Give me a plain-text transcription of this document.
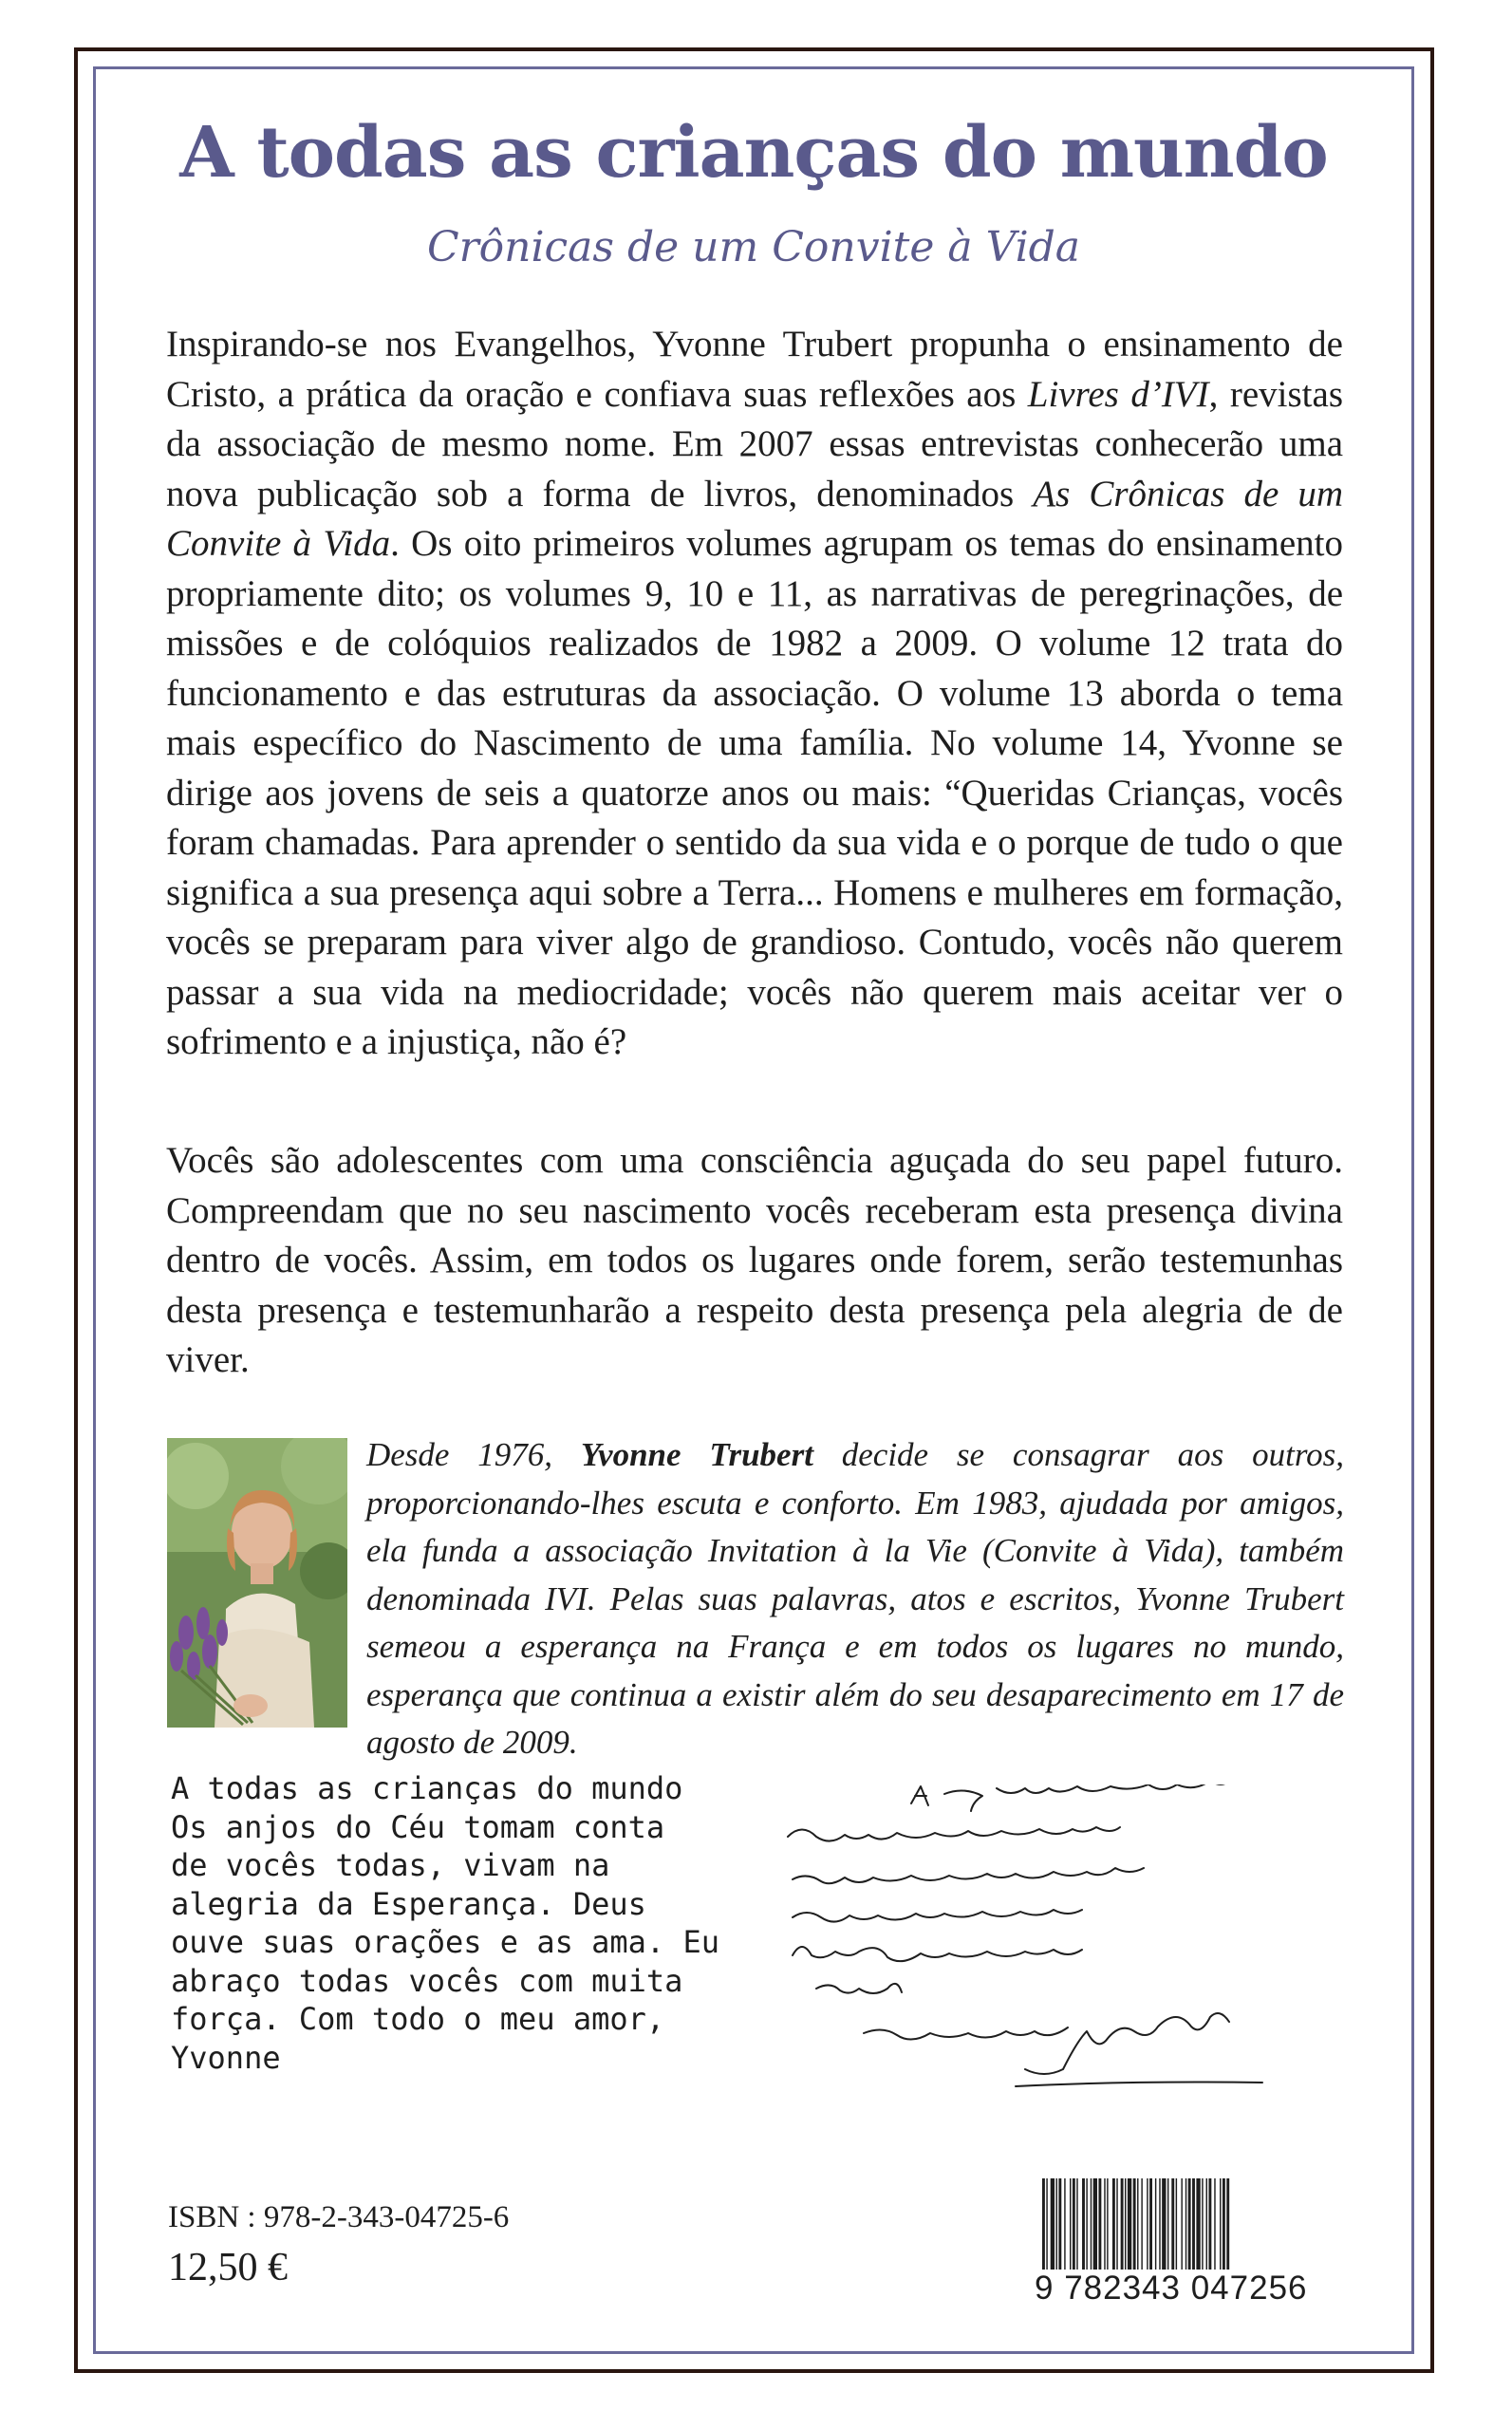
A todas as crianças do mundo
Crônicas de um Convite à Vida

Inspirando-se nos Evangelhos, Yvonne Trubert propunha o ensinamento de Cristo, a prática da oração e confiava suas reflexões aos Livres d’IVI, revistas da associação de mesmo nome. Em 2007 essas entrevistas conhecerão uma nova publicação sob a forma de livros, denominados As Crônicas de um Convite à Vida. Os oito primeiros volumes agrupam os temas do ensinamento propriamente dito; os volumes 9, 10 e 11, as narrativas de peregrinações, de missões e de colóquios realizados de 1982 a 2009. O volume 12 trata do funcionamento e das estruturas da associação. O volume 13 aborda o tema mais específico do Nascimento de uma família. No volume 14, Yvonne se dirige aos jovens de seis a quatorze anos ou mais: “Queridas Crianças, vocês foram chamadas. Para aprender o sentido da sua vida e o porque de tudo o que significa a sua presença aqui sobre a Terra... Homens e mulheres em formação, vocês se preparam para viver algo de grandioso. Contudo, vocês não querem passar a sua vida na mediocridade; vocês não querem mais aceitar ver o sofrimento e a injustiça, não é?

Vocês são adolescentes com uma consciência aguçada do seu papel futuro. Compreendam que no seu nascimento vocês receberam esta presença divina dentro de vocês. Assim, em todos os lugares onde forem, serão testemunhas desta presença e testemunharão a respeito desta presença pela alegria de de viver.

Desde 1976, Yvonne Trubert decide se consagrar aos outros, proporcionando-lhes escuta e conforto. Em 1983, ajudada por amigos, ela funda a associação Invitation à la Vie (Convite à Vida), também denominada IVI. Pelas suas palavras, atos e escritos, Yvonne Trubert semeou a esperança na França e em todos os lugares no mundo, esperança que continua a existir além do seu desaparecimento em 17 de agosto de 2009.

A todas as crianças do mundo
Os anjos do Céu tomam conta
de vocês todas, vivam na
alegria da Esperança. Deus
ouve suas orações e as ama. Eu
abraço todas vocês com muita
força. Com todo o meu amor,
Yvonne
ISBN : 978-2-343-04725-6
12,50 €	9 782343 047256
